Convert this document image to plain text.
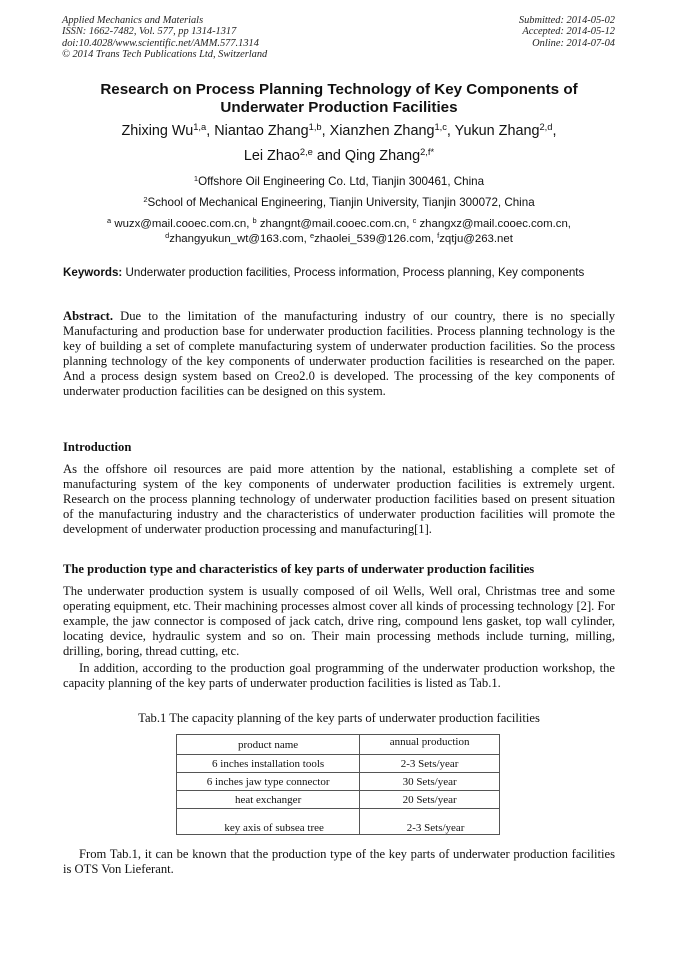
Applied Mechanics and Materials
ISSN: 1662-7482, Vol. 577, pp 1314-1317
doi:10.4028/www.scientific.net/AMM.577.1314
© 2014 Trans Tech Publications Ltd, Switzerland
Submitted: 2014-05-02
Accepted: 2014-05-12
Online: 2014-07-04
Research on Process Planning Technology of Key Components of
Underwater Production Facilities
Zhixing Wu$^{1,a}$, Niantao Zhang$^{1,b}$, Xianzhen Zhang$^{1,c}$, Yukun Zhang$^{2,d}$,
Lei Zhao$^{2,e}$ and Qing Zhang$^{2,f*}$
$^1$Offshore Oil Engineering Co. Ltd, Tianjin 300461, China
$^2$School of Mechanical Engineering, Tianjin University, Tianjin 300072, China
$^a$ wuzx@mail.cooec.com.cn, $^b$ zhangnt@mail.cooec.com.cn, $^c$ zhangxz@mail.cooec.com.cn,
$^d$zhangyukun_wt@163.com, $^e$zhaolei_539@126.com, $^f$zqtju@263.net
Keywords: Underwater production facilities, Process information, Process planning, Key components
Abstract. Due to the limitation of the manufacturing industry of our country, there is no specially Manufacturing and production base for underwater production facilities. Process planning technology is the key of building a set of complete manufacturing system of underwater production facilities. So the process planning technology of the key components of underwater production facilities is researched on the paper. And a process design system based on Creo2.0 is developed. The processing of the key components of underwater production facilities can be designed on this system.
Introduction
As the offshore oil resources are paid more attention by the national, establishing a complete set of manufacturing system of the key components of underwater production facilities is extremely urgent. Research on the process planning technology of underwater production facilities based on present situation of the manufacturing industry and the characteristics of underwater production facilities will promote the development of underwater production processing and manufacturing[1].
The production type and characteristics of key parts of underwater production facilities
The underwater production system is usually composed of oil Wells, Well oral, Christmas tree and some operating equipment, etc. Their machining processes almost cover all kinds of processing technology [2]. For example, the jaw connector is composed of jack catch, drive ring, compound lens gasket, top wall cylinder, locating device, hydraulic system and so on. Their main processing methods include turning, milling, drilling, boring, thread cutting, etc.
In addition, according to the production goal programming of the underwater production workshop, the capacity planning of the key parts of underwater production facilities is listed as Tab.1.
Tab.1 The capacity planning of the key parts of underwater production facilities
product name	annual production
6 inches installation tools	2-3 Sets/year
6 inches jaw type connector	30 Sets/year
heat exchanger	20 Sets/year
key axis of subsea tree	2-3 Sets/year
From Tab.1, it can be known that the production type of the key parts of underwater production facilities is OTS Von Lieferant.
